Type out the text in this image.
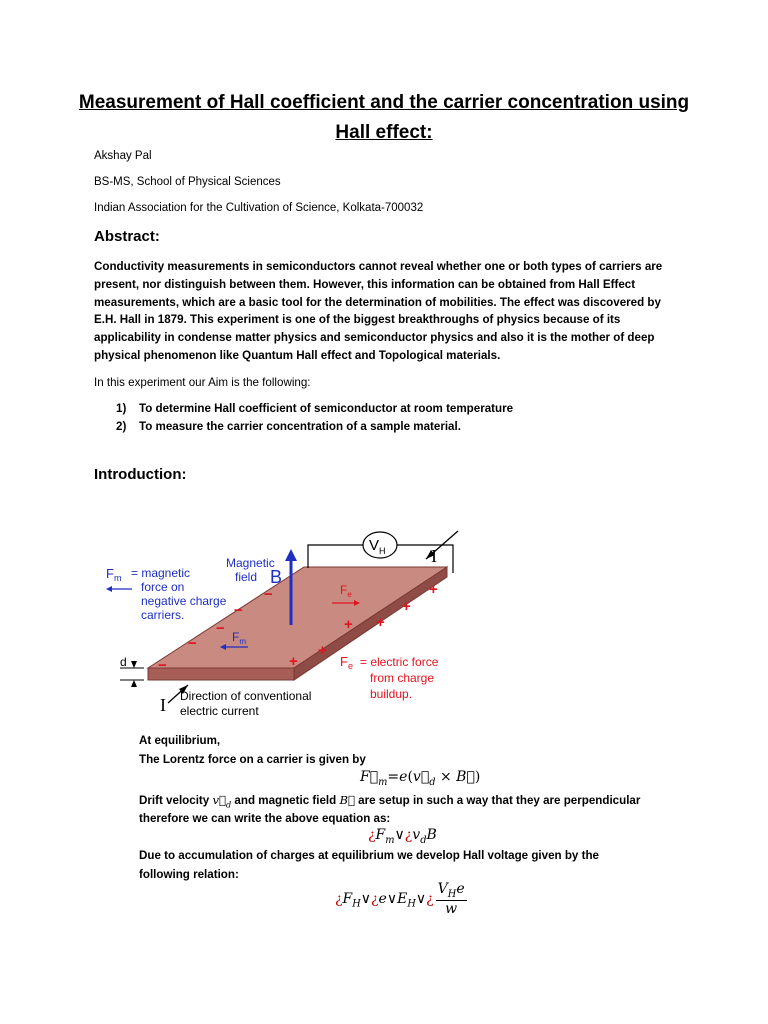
Measurement of Hall coefficient and the carrier concentration using
Hall effect:
Akshay Pal
BS-MS, School of Physical Sciences
Indian Association for the Cultivation of Science, Kolkata-700032
Abstract:
Conductivity measurements in semiconductors cannot reveal whether one or both types of carriers are present, nor distinguish between them. However, this information can be obtained from Hall Effect measurements, which are a basic tool for the determination of mobilities. The effect was discovered by E.H. Hall in 1879. This experiment is one of the biggest breakthroughs of physics because of its applicability in condense matter physics and semiconductor physics and also it is the mother of deep physical phenomenon like Quantum Hall effect and Topological materials.
In this experiment our Aim is the following:
1) To determine Hall coefficient of semiconductor at room temperature
2) To measure the carrier concentration of a sample material.
Introduction:
$V_H$	I
I
Magnetic
field B
$F_m$ = magnetic
force on
negative charge
carriers.
$F_m$
$F_e$
$F_e$ = electric force
from charge
buildup.
−
−
−
−
−
+
+
+ +
+
+
d
Direction of conventional
electric current
At equilibrium,
The Lorentz force on a carrier is given by
$F⃗_m=e(v⃗_d$ × B⃗)
Drift velocity $v⃗_d$ and magnetic field B⃗ are setup in such a way that they are perpendicular
therefore we can write the above equation as:
¿$F_m\vee¿v_dB$
Due to accumulation of charges at equilibrium we develop Hall voltage given by the
following relation:
¿$F_H\vee¿e\vee E_H\vee¿ \frac{V_He}{w}$
